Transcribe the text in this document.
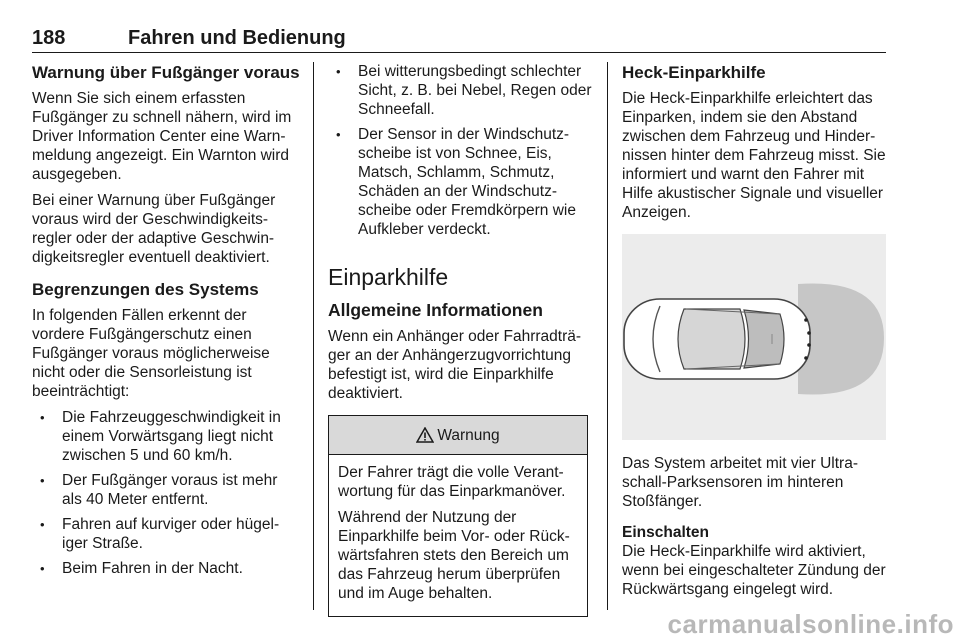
188	Fahren und Bedienung
Warnung über Fußgänger voraus

Wenn Sie sich einem erfassten Fußgänger zu schnell nähern, wird im Driver Information Center eine Warn-meldung angezeigt. Ein Warnton wird ausgegeben.

Bei einer Warnung über Fußgänger voraus wird der Geschwindigkeits-regler oder der adaptive Geschwin-digkeitsregler eventuell deaktiviert.

Begrenzungen des Systems

In folgenden Fällen erkennt der vordere Fußgängerschutz einen Fußgänger voraus möglicherweise nicht oder die Sensorleistung ist beeinträchtigt:

• Die Fahrzeuggeschwindigkeit in einem Vorwärtsgang liegt nicht zwischen 5 und 60 km/h.
• Der Fußgänger voraus ist mehr als 40 Meter entfernt.
• Fahren auf kurviger oder hügel-iger Straße.
• Beim Fahren in der Nacht.
• Bei witterungsbedingt schlechter Sicht, z. B. bei Nebel, Regen oder Schneefall.
• Der Sensor in der Windschutz-scheibe ist von Schnee, Eis, Matsch, Schlamm, Schmutz, Schäden an der Windschutz-scheibe oder Fremdkörpern wie Aufkleber verdeckt.
Einparkhilfe
Allgemeine Informationen

Wenn ein Anhänger oder Fahrradträ-ger an der Anhängerzugvorrichtung befestigt ist, wird die Einparkhilfe deaktiviert.

Warnung

Der Fahrer trägt die volle Verant-wortung für das Einparkmanöver.

Während der Nutzung der Einparkhilfe beim Vor- oder Rück-wärtsfahren stets den Bereich um das Fahrzeug herum überprüfen und im Auge behalten.

Heck-Einparkhilfe

Die Heck-Einparkhilfe erleichtert das Einparken, indem sie den Abstand zwischen dem Fahrzeug und Hinder-nissen hinter dem Fahrzeug misst. Sie informiert und warnt den Fahrer mit Hilfe akustischer Signale und visueller Anzeigen.

Das System arbeitet mit vier Ultra-schall-Parksensoren im hinteren Stoßfänger.

Einschalten

Die Heck-Einparkhilfe wird aktiviert, wenn bei eingeschalteter Zündung der Rückwärtsgang eingelegt wird.

carmanualsonline.info
